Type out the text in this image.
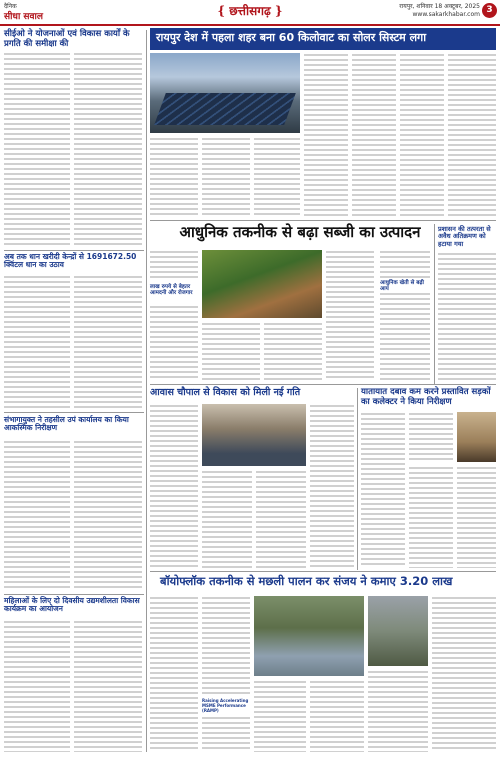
दैनिक
सीधा सवाल	{ छत्तीसगढ़ }	रायपुर, शनिवार 18 अक्टूबर, 2025
www.sakarkhabar.com 3
सीईओ ने योजनाओं एवं विकास कार्यों के प्रगति की समीक्षा की
अब तक धान खरीदी केन्द्रों से 1691672.50 क्विंटल धान का उठाव
संभागायुक्त ने तहसील उपं कार्यालय का किया आकस्मिक निरीक्षण
महिलाओं के लिए दो दिवसीय उद्यमशीलता विकास कार्यक्रम का आयोजन
रायपुर देश में पहला शहर बना 60 किलोवाट का सोलर सिस्टम लगा
आधुनिक तकनीक से बढ़ा सब्जी का उत्पादन
लाख रुपये से बेहतर आमदनी और रोजगार
आधुनिक खेती से बढ़ी आय
प्रशासन की तत्परता से अवैध अतिक्रमण को हटाया गया
आवास चौपाल से विकास को मिली नई गति	यातायात दबाव कम करने प्रस्तावित सड़कों का कलेक्टर ने किया निरीक्षण
बॉयोफ्लॉक तकनीक से मछली पालन कर संजय ने कमाए 3.20 लाख
Raising Accelerating MSME Performance (RAMP)
